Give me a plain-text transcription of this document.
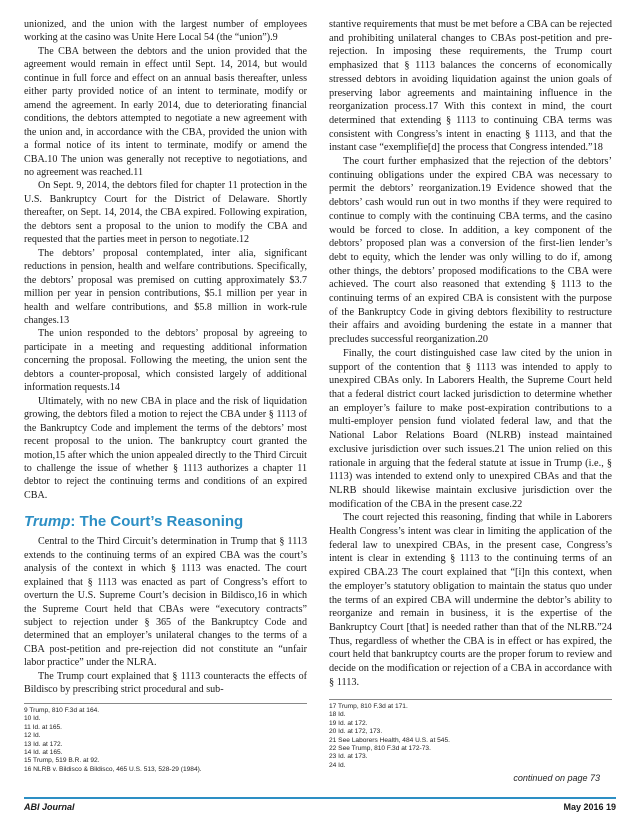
unionized, and the union with the largest number of employees working at the casino was Unite Here Local 54 (the “union”).9

The CBA between the debtors and the union provided that the agreement would remain in effect until Sept. 14, 2014, but would continue in full force and effect on an annual basis thereafter, unless either party provided notice of an intent to terminate, modify or amend the agreement. In early 2014, due to deteriorating financial conditions, the debtors attempted to negotiate a new agreement with the union and, in accordance with the CBA, provided the union with a formal notice of its intent to terminate, modify or amend the CBA.10 The union was generally not receptive to negotiations, and no agreement was reached.11

On Sept. 9, 2014, the debtors filed for chapter 11 protection in the U.S. Bankruptcy Court for the District of Delaware. Shortly thereafter, on Sept. 14, 2014, the CBA expired. Following expiration, the debtors sent a proposal to the union to modify the CBA and requested that the parties meet in person to negotiate.12

The debtors’ proposal contemplated, inter alia, significant reductions in pension, health and welfare contributions. Specifically, the debtors’ proposal was premised on cutting approximately $3.7 million per year in pension contributions, $5.1 million per year in health and welfare contributions, and $5.8 million in work-rule changes.13

The union responded to the debtors’ proposal by agreeing to participate in a meeting and requesting additional information concerning the proposal. Following the meeting, the union sent the debtors a counter-proposal, which consisted largely of additional information requests.14

Ultimately, with no new CBA in place and the risk of liquidation growing, the debtors filed a motion to reject the CBA under § 1113 of the Bankruptcy Code and implement the terms of the debtors’ most recent proposal to the union. The bankruptcy court granted the motion,15 after which the union appealed directly to the Third Circuit to challenge the issue of whether § 1113 authorizes a chapter 11 debtor to reject the continuing terms and conditions of an expired CBA.

Trump: The Court’s Reasoning

Central to the Third Circuit’s determination in Trump that § 1113 extends to the continuing terms of an expired CBA was the court’s analysis of the context in which § 1113 was enacted. The court explained that § 1113 was enacted as part of Congress’s effort to overturn the U.S. Supreme Court’s decision in Bildisco,16 in which the Supreme Court held that CBAs were “executory contracts” subject to rejection under § 365 of the Bankruptcy Code and determined that an employer’s unilateral changes to the terms of a CBA post-petition and pre-rejection did not constitute an “unfair labor practice” under the NLRA.

The Trump court explained that § 1113 counteracts the effects of Bildisco by prescribing strict procedural and sub-

9 Trump, 810 F.3d at 164.
10 Id.
11 Id. at 165.
12 Id.
13 Id. at 172.
14 Id. at 165.
15 Trump, 519 B.R. at 92.
16 NLRB v. Bildisco & Bildisco, 465 U.S. 513, 528-29 (1984).

stantive requirements that must be met before a CBA can be rejected and prohibiting unilateral changes to CBAs post-petition and pre-rejection. In imposing these requirements, the Trump court emphasized that § 1113 balances the concerns of economically stressed debtors in avoiding liquidation against the union goals of preserving labor agreements and maintaining influence in the reorganization process.17 With this context in mind, the court determined that extending § 1113 to continuing CBA terms was consistent with Congress’s intent in enacting § 1113, and that the instant case “exemplifie[d] the process that Congress intended.”18

The court further emphasized that the rejection of the debtors’ continuing obligations under the expired CBA was necessary to permit the debtors’ reorganization.19 Evidence showed that the debtors’ cash would run out in two months if they were required to continue to comply with the continuing CBA terms, and the casino would be forced to close. In addition, a key component of the debtors’ proposed plan was a conversion of the first-lien lender’s debt to equity, which the lender was only willing to do if, among other things, the debtors’ proposed modifications to the CBA were achieved. The court also reasoned that extending § 1113 to the continuing terms of an expired CBA is consistent with the purpose of the Bankruptcy Code in giving debtors flexibility to restructure their affairs and avoiding burdening the estate in a manner that precludes successful reorganization.20

Finally, the court distinguished case law cited by the union in support of the contention that § 1113 was intended to apply to unexpired CBAs only. In Laborers Health, the Supreme Court held that a federal district court lacked jurisdiction to determine whether an employer’s failure to make post-expiration contributions to a multi-employer pension fund violated federal law, and that the National Labor Relations Board (NLRB) instead maintained exclusive jurisdiction over such issues.21 The union relied on this rationale in arguing that the federal statute at issue in Trump (i.e., § 1113) was intended to extend only to unexpired CBAs and that the NLRB should likewise maintain exclusive jurisdiction over the modification of the CBA in the present case.22

The court rejected this reasoning, finding that while in Laborers Health Congress’s intent was clear in limiting the application of the federal law to unexpired CBAs, in the present case, Congress’s intent is clear in extending § 1113 to the continuing terms of an expired CBA.23 The court explained that “[i]n this context, when the employer’s statutory obligation to maintain the status quo under the terms of an expired CBA will undermine the debtor’s ability to reorganize and remain in business, it is the expertise of the Bankruptcy Court [that] is needed rather than that of the NLRB.”24 Thus, regardless of whether the CBA is in effect or has expired, the court held that bankruptcy courts are the proper forum to review and decide on the modification or rejection of a CBA in accordance with § 1113.

17 Trump, 810 F.3d at 171.
18 Id.
19 Id. at 172.
20 Id. at 172, 173.
21 See Laborers Health, 484 U.S. at 545.
22 See Trump, 810 F.3d at 172-73.
23 Id. at 173.
24 Id.
continued on page 73
ABI Journal	May 2016 19
